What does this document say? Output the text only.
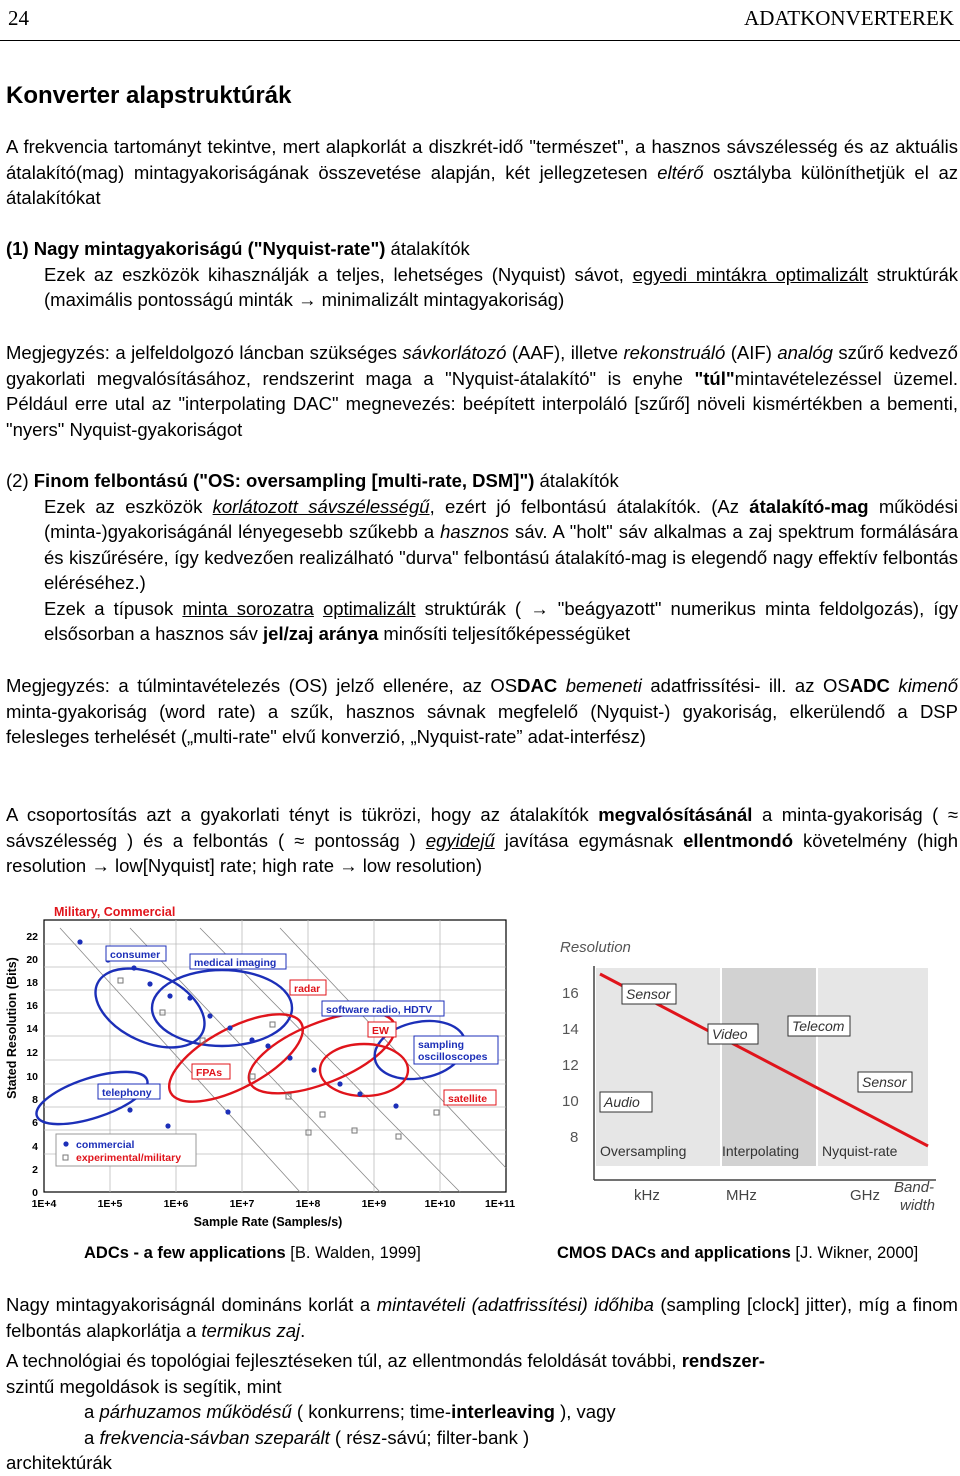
24	ADATKONVERTEREK
Konverter alapstruktúrák

A frekvencia tartományt tekintve, mert alapkorlát a diszkrét-idő "természet", a hasznos sávszélesség és az aktuális átalakító(mag) mintagyakoriságának összevetése alapján, két jellegzetesen eltérő osztályba különíthetjük el az átalakítókat

(1) Nagy mintagyakoriságú ("Nyquist-rate") átalakítók

Ezek az eszközök kihasználják a teljes, lehetséges (Nyquist) sávot, egyedi mintákra optimalizált struktúrák (maximális pontosságú minták → minimalizált mintagyakoriság)

Megjegyzés: a jelfeldolgozó láncban szükséges sávkorlátozó (AAF), illetve rekonstruáló (AIF) analóg szűrő kedvező gyakorlati megvalósításához, rendszerint maga a "Nyquist-átalakító" is enyhe "túl"mintavételezéssel üzemel. Például erre utal az "interpolating DAC" megnevezés: beépített interpoláló [szűrő] növeli kismértékben a bementi, "nyers" Nyquist-gyakoriságot

(2) Finom felbontású ("OS: oversampling [multi-rate, DSM]") átalakítók

Ezek az eszközök korlátozott sávszélességű, ezért jó felbontású átalakítók. (Az átalakító-mag működési (minta-)gyakoriságánál lényegesebb szűkebb a hasznos sáv. A "holt" sáv alkalmas a zaj spektrum formálására és kiszűrésére, így kedvezően realizálható "durva" felbontású átalakító-mag is elegendő nagy effektív felbontás eléréséhez.)

Ezek a típusok minta sorozatra optimalizált struktúrák ( → "beágyazott" numerikus minta feldolgozás), így elsősorban a hasznos sáv jel/zaj aránya minősíti teljesítőképességüket

Megjegyzés: a túlmintavételezés (OS) jelző ellenére, az OSDAC bemeneti adatfrissítési- ill. az OSADC kimenő minta-gyakoriság (word rate) a szűk, hasznos sávnak megfelelő (Nyquist-) gyakoriság, elkerülendő a DSP felesleges terhelését („multi-rate" elvű konverzió, „Nyquist-rate” adat-interfész)

A csoportosítás azt a gyakorlati tényt is tükrözi, hogy az átalakítók megvalósításánál a minta-gyakoriság ( ≈ sávszélesség ) és a felbontás ( ≈ pontosság ) egyidejű javítása egymásnak ellentmondó követelmény (high resolution → low[Nyquist] rate; high rate → low resolution)

0
2
4
6
8
10
12
14
16
18
20
22
1E+4	1E+5	1E+6	1E+7	1E+8	1E+9	1E+10	1E+11
Sample Rate (Samples/s)
Stated Resolution (Bits)
Military, Commercial
consumer
medical imaging
radar
software radio, HDTV
EW
sampling
oscilloscopes
FPAs
telephony	satellite
commercial
experimental/military
Resolution
16
14
12
10
8
Sensor
Audio
Video	Telecom
Sensor
Oversampling	Interpolating Nyquist-rate
kHz	MHz	GHz Band-
width
ADCs - a few applications [B. Walden, 1999]	CMOS DACs and applications [J. Wikner, 2000]

Nagy mintagyakoriságnál domináns korlát a mintavételi (adatfrissítési) időhiba (sampling [clock] jitter), míg a finom felbontás alapkorlátja a termikus zaj.

A technológiai és topológiai fejlesztéseken túl, az ellentmondás feloldását további, rendszer-

szintű megoldások is segítik, mint

a párhuzamos működésű ( konkurrens; time-interleaving ), vagy

a frekvencia-sávban szeparált ( rész-sávú; filter-bank )

architektúrák
